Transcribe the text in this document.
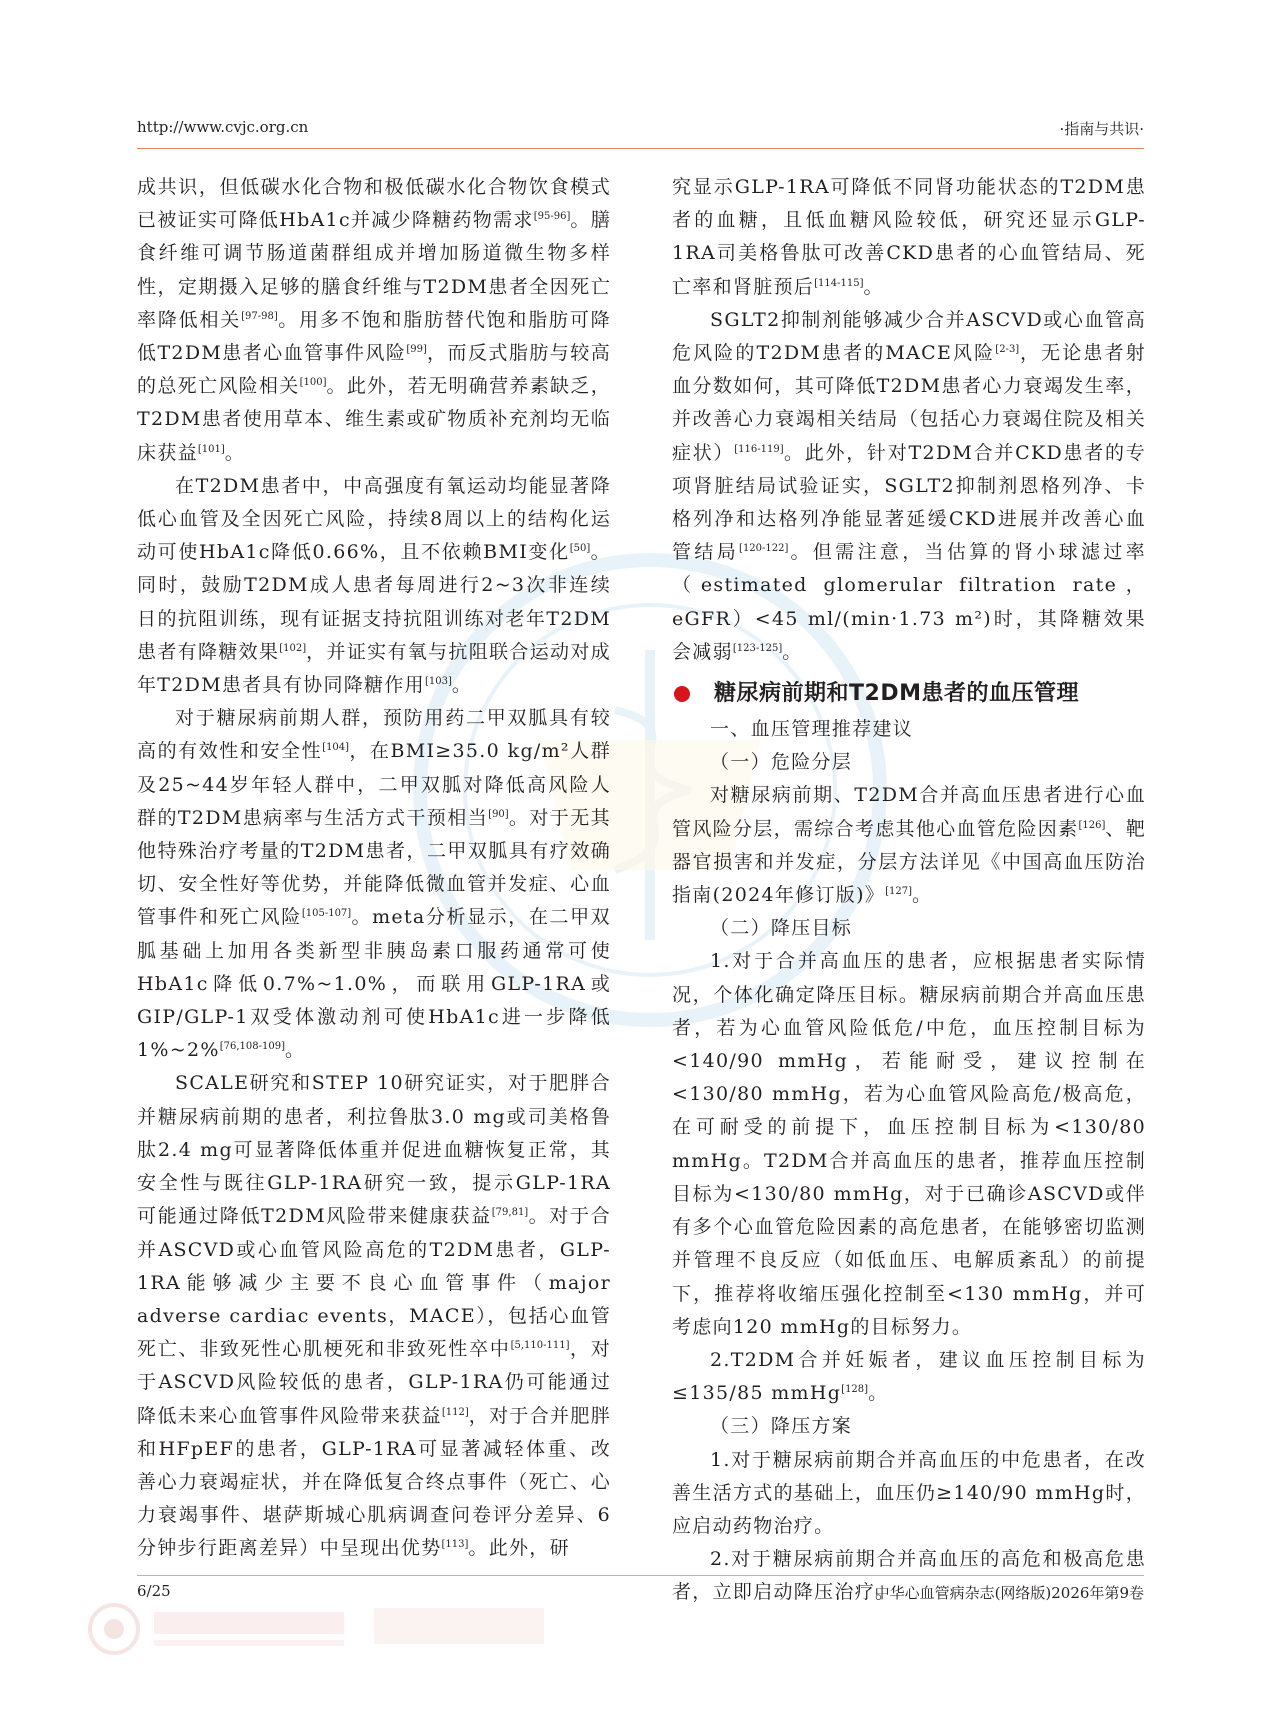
http://www.cvjc.org.cn	·指南与共识·

成共识，但低碳水化合物和极低碳水化合物饮食模式已被证实可降低HbA1c并减少降糖药物需求[95-96]。膳食纤维可调节肠道菌群组成并增加肠道微生物多样性，定期摄入足够的膳食纤维与T2DM患者全因死亡率降低相关[97-98]。用多不饱和脂肪替代饱和脂肪可降低T2DM患者心血管事件风险[99]，而反式脂肪与较高的总死亡风险相关[100]。此外，若无明确营养素缺乏，T2DM患者使用草本、维生素或矿物质补充剂均无临床获益[101]。

在T2DM患者中，中高强度有氧运动均能显著降低心血管及全因死亡风险，持续8周以上的结构化运动可使HbA1c降低0.66%，且不依赖BMI变化[50]。同时，鼓励T2DM成人患者每周进行2~3次非连续日的抗阻训练，现有证据支持抗阻训练对老年T2DM患者有降糖效果[102]，并证实有氧与抗阻联合运动对成年T2DM患者具有协同降糖作用[103]。

对于糖尿病前期人群，预防用药二甲双胍具有较高的有效性和安全性[104]，在BMI≥35.0 kg/m²人群及25~44岁年轻人群中，二甲双胍对降低高风险人群的T2DM患病率与生活方式干预相当[90]。对于无其他特殊治疗考量的T2DM患者，二甲双胍具有疗效确切、安全性好等优势，并能降低微血管并发症、心血管事件和死亡风险[105-107]。meta分析显示，在二甲双胍基础上加用各类新型非胰岛素口服药通常可使HbA1c降低0.7%~1.0%，而联用GLP-1RA或GIP/GLP-1双受体激动剂可使HbA1c进一步降低1%~2%[76,108-109]。

SCALE研究和STEP 10研究证实，对于肥胖合并糖尿病前期的患者，利拉鲁肽3.0 mg或司美格鲁肽2.4 mg可显著降低体重并促进血糖恢复正常，其安全性与既往GLP-1RA研究一致，提示GLP-1RA可能通过降低T2DM风险带来健康获益[79,81]。对于合并ASCVD或心血管风险高危的T2DM患者，GLP-1RA能够减少主要不良心血管事件（major adverse cardiac events，MACE），包括心血管死亡、非致死性心肌梗死和非致死性卒中[5,110-111]，对于ASCVD风险较低的患者，GLP-1RA仍可能通过降低未来心血管事件风险带来获益[112]，对于合并肥胖和HFpEF的患者，GLP-1RA可显著减轻体重、改善心力衰竭症状，并在降低复合终点事件（死亡、心力衰竭事件、堪萨斯城心肌病调查问卷评分差异、6分钟步行距离差异）中呈现出优势[113]。此外，研

究显示GLP-1RA可降低不同肾功能状态的T2DM患者的血糖，且低血糖风险较低，研究还显示GLP-1RA司美格鲁肽可改善CKD患者的心血管结局、死亡率和肾脏预后[114-115]。

SGLT2抑制剂能够减少合并ASCVD或心血管高危风险的T2DM患者的MACE风险[2-3]，无论患者射血分数如何，其可降低T2DM患者心力衰竭发生率，并改善心力衰竭相关结局（包括心力衰竭住院及相关症状）[116-119]。此外，针对T2DM合并CKD患者的专项肾脏结局试验证实，SGLT2抑制剂恩格列净、卡格列净和达格列净能显著延缓CKD进展并改善心血管结局[120-122]。但需注意，当估算的肾小球滤过率（estimated glomerular filtration rate，eGFR）<45 ml/(min·1.73 m²)时，其降糖效果会减弱[123-125]。

糖尿病前期和T2DM患者的血压管理

一、血压管理推荐建议

（一）危险分层

对糖尿病前期、T2DM合并高血压患者进行心血管风险分层，需综合考虑其他心血管危险因素[126]、靶器官损害和并发症，分层方法详见《中国高血压防治指南(2024年修订版)》[127]。

（二）降压目标

1.对于合并高血压的患者，应根据患者实际情况，个体化确定降压目标。糖尿病前期合并高血压患者，若为心血管风险低危/中危，血压控制目标为<140/90 mmHg，若能耐受，建议控制在<130/80 mmHg，若为心血管风险高危/极高危，在可耐受的前提下，血压控制目标为<130/80 mmHg。T2DM合并高血压的患者，推荐血压控制目标为<130/80 mmHg，对于已确诊ASCVD或伴有多个心血管危险因素的高危患者，在能够密切监测并管理不良反应（如低血压、电解质紊乱）的前提下，推荐将收缩压强化控制至<130 mmHg，并可考虑向120 mmHg的目标努力。

2.T2DM合并妊娠者，建议血压控制目标为≤135/85 mmHg[128]。

（三）降压方案

1.对于糖尿病前期合并高血压的中危患者，在改善生活方式的基础上，血压仍≥140/90 mmHg时，应启动药物治疗。

2.对于糖尿病前期合并高血压的高危和极高危患者，立即启动降压治疗。

6/25	中华心血管病杂志(网络版)2026年第9卷
